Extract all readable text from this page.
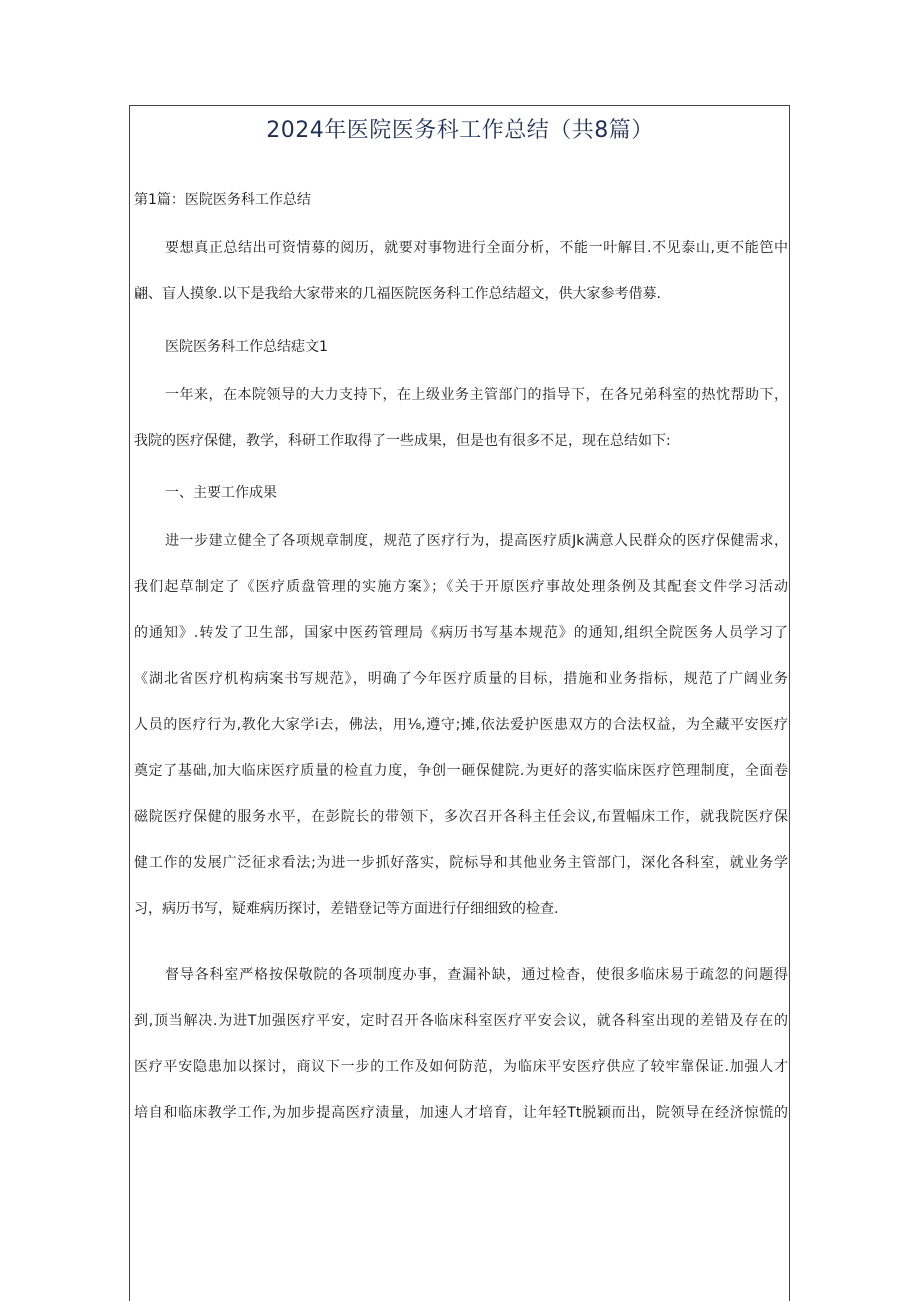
2024年医院医务科工作总结（共8篇）
第1篇：医院医务科工作总结
要想真正总结出可资情募的阅历，就要对事物进行全面分析，不能一叶解目.不见泰山,更不能笆中
翩、盲人摸象.以下是我给大家带来的几福医院医务科工作总结超文，供大家参考借募.
医院医务科工作总结痣文1
一年来，在本院领导的大力支持下，在上级业务主管部门的指导下，在各兄弟科室的热忱帮助下，
我院的医疗保健，教学，科研工作取得了一些成果，但是也有很多不足，现在总结如下:
一、主要工作成果
进一步建立健全了各项规章制度，规范了医疗行为，提高医疗质Jk满意人民群众的医疗保健需求，
我们起草制定了《医疗质盘管理的实施方案》；《关于开原医疗事故处理条例及其配套文件学习活动
的通知》.转发了卫生部，国家中医药管理局《病历书写基本规范》的通知,组织全院医务人员学习了
《湖北省医疗机构病案书写规范》，明确了今年医疗质量的目标，措施和业务指标，规范了广阔业务
人员的医疗行为,教化大家学i去，佛法，用⅛,遵守;摊,依法爱护医患双方的合法权益，为全藏平安医疗
奠定了基础,加大临床医疗质量的检直力度，争创一砸保健院.为更好的落实临床医疗笆理制度，全面卷
磁院医疗保健的服务水平，在彭院长的带领下，多次召开各科主任会议,布置幅床工作，就我院医疗保
健工作的发展广泛征求看法;为进一步抓好落实，院标导和其他业务主管部门，深化各科室，就业务学
习，病历书写，疑难病历探讨，差错登记等方面进行仔细细致的检查.
督导各科室严格按保敬院的各项制度办事，查漏补缺，通过检杳，使很多临床易于疏忽的问题得
到,顶当解决.为进T加强医疗平安，定时召开各临床科室医疗平安会议，就各科室出现的差错及存在的
医疗平安隐患加以探讨，商议下一步的工作及如何防范，为临床平安医疗供应了较牢靠保证.加强人才
培自和临床教学工作,为加步提高医疗渍量，加速人才培育，让年轻Tt脱颖而出，院领导在经济惊慌的
